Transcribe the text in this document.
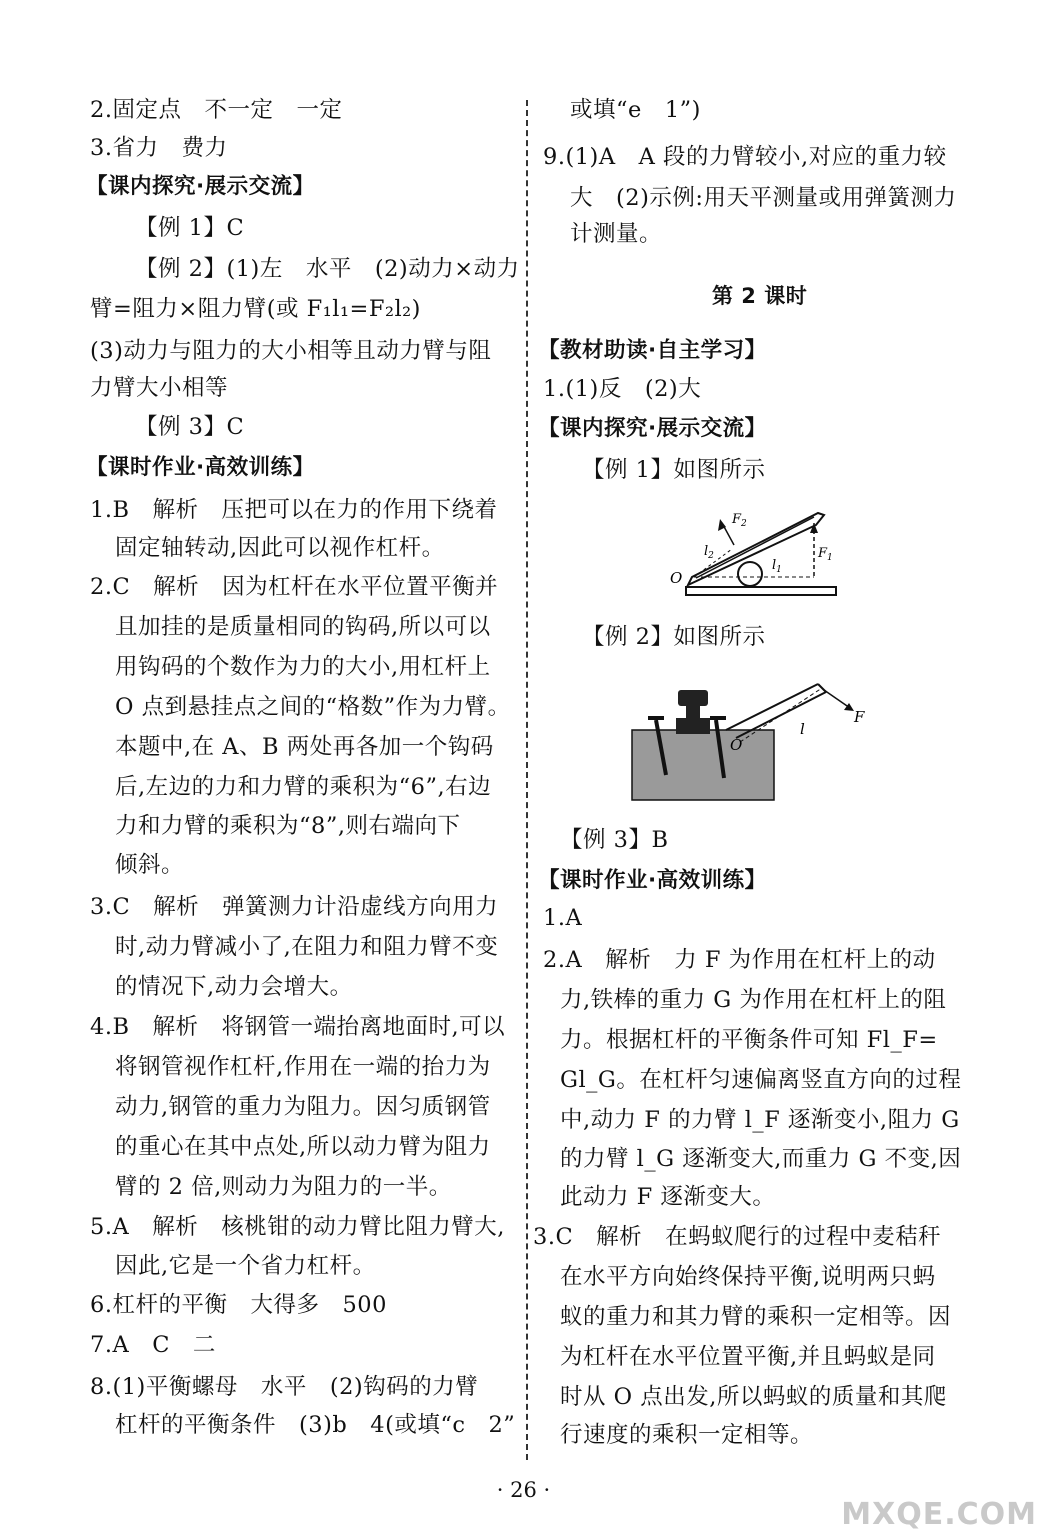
2.固定点　不一定　一定
3.省力　费力
【课内探究·展示交流】
【例 1】C
【例 2】(1)左　水平　(2)动力×动力
臂=阻力×阻力臂(或 F₁l₁=F₂l₂)
(3)动力与阻力的大小相等且动力臂与阻
力臂大小相等
【例 3】C
【课时作业·高效训练】
1.B　解析　压把可以在力的作用下绕着
固定轴转动,因此可以视作杠杆。
2.C　解析　因为杠杆在水平位置平衡并
且加挂的是质量相同的钩码,所以可以
用钩码的个数作为力的大小,用杠杆上
O 点到悬挂点之间的“格数”作为力臂。
本题中,在 A、B 两处再各加一个钩码
后,左边的力和力臂的乘积为“6”,右边
力和力臂的乘积为“8”,则右端向下
倾斜。
3.C　解析　弹簧测力计沿虚线方向用力
时,动力臂减小了,在阻力和阻力臂不变
的情况下,动力会增大。
4.B　解析　将钢管一端抬离地面时,可以
将钢管视作杠杆,作用在一端的抬力为
动力,钢管的重力为阻力。因匀质钢管
的重心在其中点处,所以动力臂为阻力
臂的 2 倍,则动力为阻力的一半。
5.A　解析　核桃钳的动力臂比阻力臂大,
因此,它是一个省力杠杆。
6.杠杆的平衡　大得多　500
7.A　C　二
8.(1)平衡螺母　水平　(2)钩码的力臂
杠杆的平衡条件　(3)b　4(或填“c　2”
或填“e　1”)
9.(1)A　A 段的力臂较小,对应的重力较
大　(2)示例:用天平测量或用弹簧测力
计测量。
第 2 课时
【教材助读·自主学习】
1.(1)反　(2)大
【课内探究·展示交流】
【例 1】如图所示
【例 2】如图所示
【例 3】B
【课时作业·高效训练】
1.A
2.A　解析　力 F 为作用在杠杆上的动
力,铁棒的重力 G 为作用在杠杆上的阻
力。根据杠杆的平衡条件可知 Fl_F=
Gl_G。在杠杆匀速偏离竖直方向的过程
中,动力 F 的力臂 l_F 逐渐变小,阻力 G
的力臂 l_G 逐渐变大,而重力 G 不变,因
此动力 F 逐渐变大。
3.C　解析　在蚂蚁爬行的过程中麦秸秆
在水平方向始终保持平衡,说明两只蚂
蚁的重力和其力臂的乘积一定相等。因
为杠杆在水平位置平衡,并且蚂蚁是同
时从 O 点出发,所以蚂蚁的质量和其爬
行速度的乘积一定相等。
$F_2$
$F_1$
$l_2$
$l_1$
O
F
l
O
· 26 ·
MXQE.COM
